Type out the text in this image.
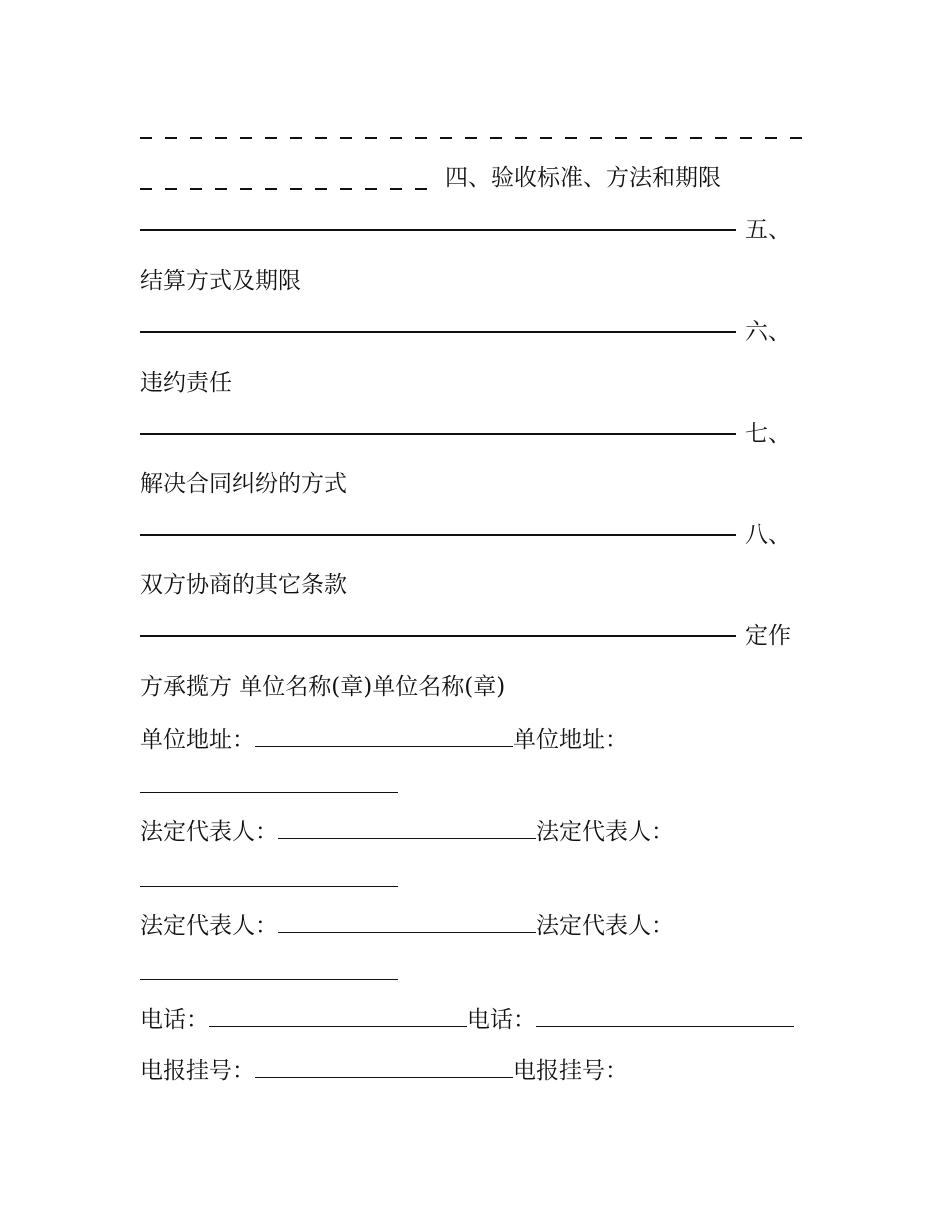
四、验收标准、方法和期限
五、
结算方式及期限
六、
违约责任
七、
解决合同纠纷的方式
八、
双方协商的其它条款
定作
方承揽方 单位名称(章)单位名称(章)
单位地址：	单位地址：
法定代表人：	法定代表人：
法定代表人：	法定代表人：
电话：	电话：
电报挂号：	电报挂号：
